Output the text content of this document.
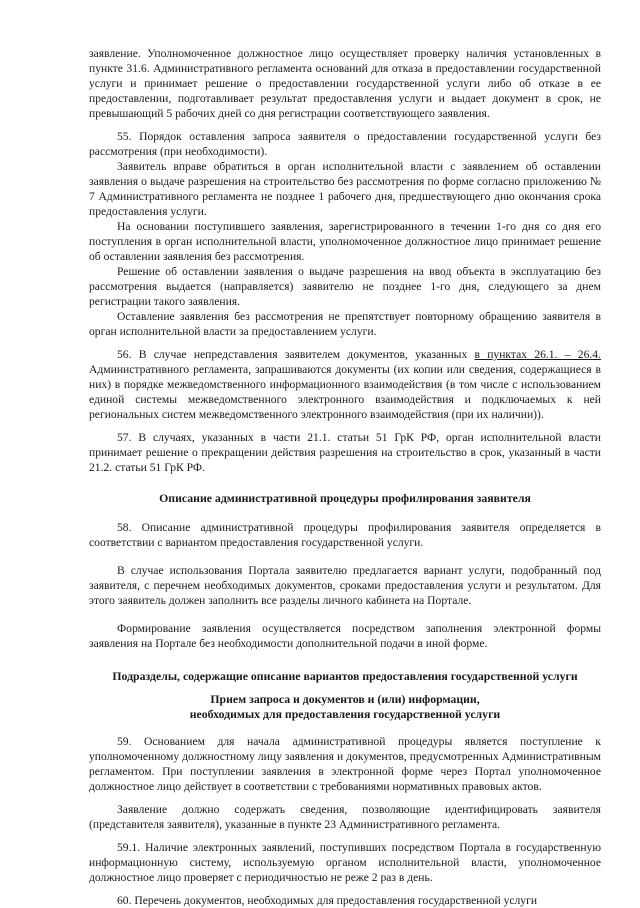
заявление. Уполномоченное должностное лицо осуществляет проверку наличия установленных в пункте 31.6. Административного регламента оснований для отказа в предоставлении государственной услуги и принимает решение о предоставлении государственной услуги либо об отказе в ее предоставлении, подготавливает результат предоставления услуги и выдает документ в срок, не превышающий 5 рабочих дней со дня регистрации соответствующего заявления.

55. Порядок оставления запроса заявителя о предоставлении государственной услуги без рассмотрения (при необходимости).

Заявитель вправе обратиться в орган исполнительной власти с заявлением об оставлении заявления о выдаче разрешения на строительство без рассмотрения по форме согласно приложению № 7 Административного регламента не позднее 1 рабочего дня, предшествующего дню окончания срока предоставления услуги.

На основании поступившего заявления, зарегистрированного в течении 1-го дня со дня его поступления в орган исполнительной власти, уполномоченное должностное лицо принимает решение об оставлении заявления без рассмотрения.

Решение об оставлении заявления о выдаче разрешения на ввод объекта в эксплуатацию без рассмотрения выдается (направляется) заявителю не позднее 1-го дня, следующего за днем регистрации такого заявления.

Оставление заявления без рассмотрения не препятствует повторному обращению заявителя в орган исполнительной власти за предоставлением услуги.

56. В случае непредставления заявителем документов, указанных в пунктах 26.1. – 26.4. Административного регламента, запрашиваются документы (их копии или сведения, содержащиеся в них) в порядке межведомственного информационного взаимодействия (в том числе с использованием единой системы межведомственного электронного взаимодействия и подключаемых к ней региональных систем межведомственного электронного взаимодействия (при их наличии)).

57. В случаях, указанных в части 21.1. статьи 51 ГрК РФ, орган исполнительной власти принимает решение о прекращении действия разрешения на строительство в срок, указанный в части 21.2. статьи 51 ГрК РФ.

Описание административной процедуры профилирования заявителя

58. Описание административной процедуры профилирования заявителя определяется в соответствии с вариантом предоставления государственной услуги.

В случае использования Портала заявителю предлагается вариант услуги, подобранный под заявителя, с перечнем необходимых документов, сроками предоставления услуги и результатом. Для этого заявитель должен заполнить все разделы личного кабинета на Портале.

Формирование заявления осуществляется посредством заполнения электронной формы заявления на Портале без необходимости дополнительной подачи в иной форме.

Подразделы, содержащие описание вариантов предоставления государственной услуги
Прием запроса и документов и (или) информации,
необходимых для предоставления государственной услуги

59. Основанием для начала административной процедуры является поступление к уполномоченному должностному лицу заявления и документов, предусмотренных Административным регламентом. При поступлении заявления в электронной форме через Портал уполномоченное должностное лицо действует в соответствии с требованиями нормативных правовых актов.

Заявление должно содержать сведения, позволяющие идентифицировать заявителя (представителя заявителя), указанные в пункте 23 Административного регламента.

59.1. Наличие электронных заявлений, поступивших посредством Портала в государственную информационную систему, используемую органом исполнительной власти, уполномоченное должностное лицо проверяет с периодичностью не реже 2 раз в день.

60. Перечень документов, необходимых для предоставления государственной услуги
